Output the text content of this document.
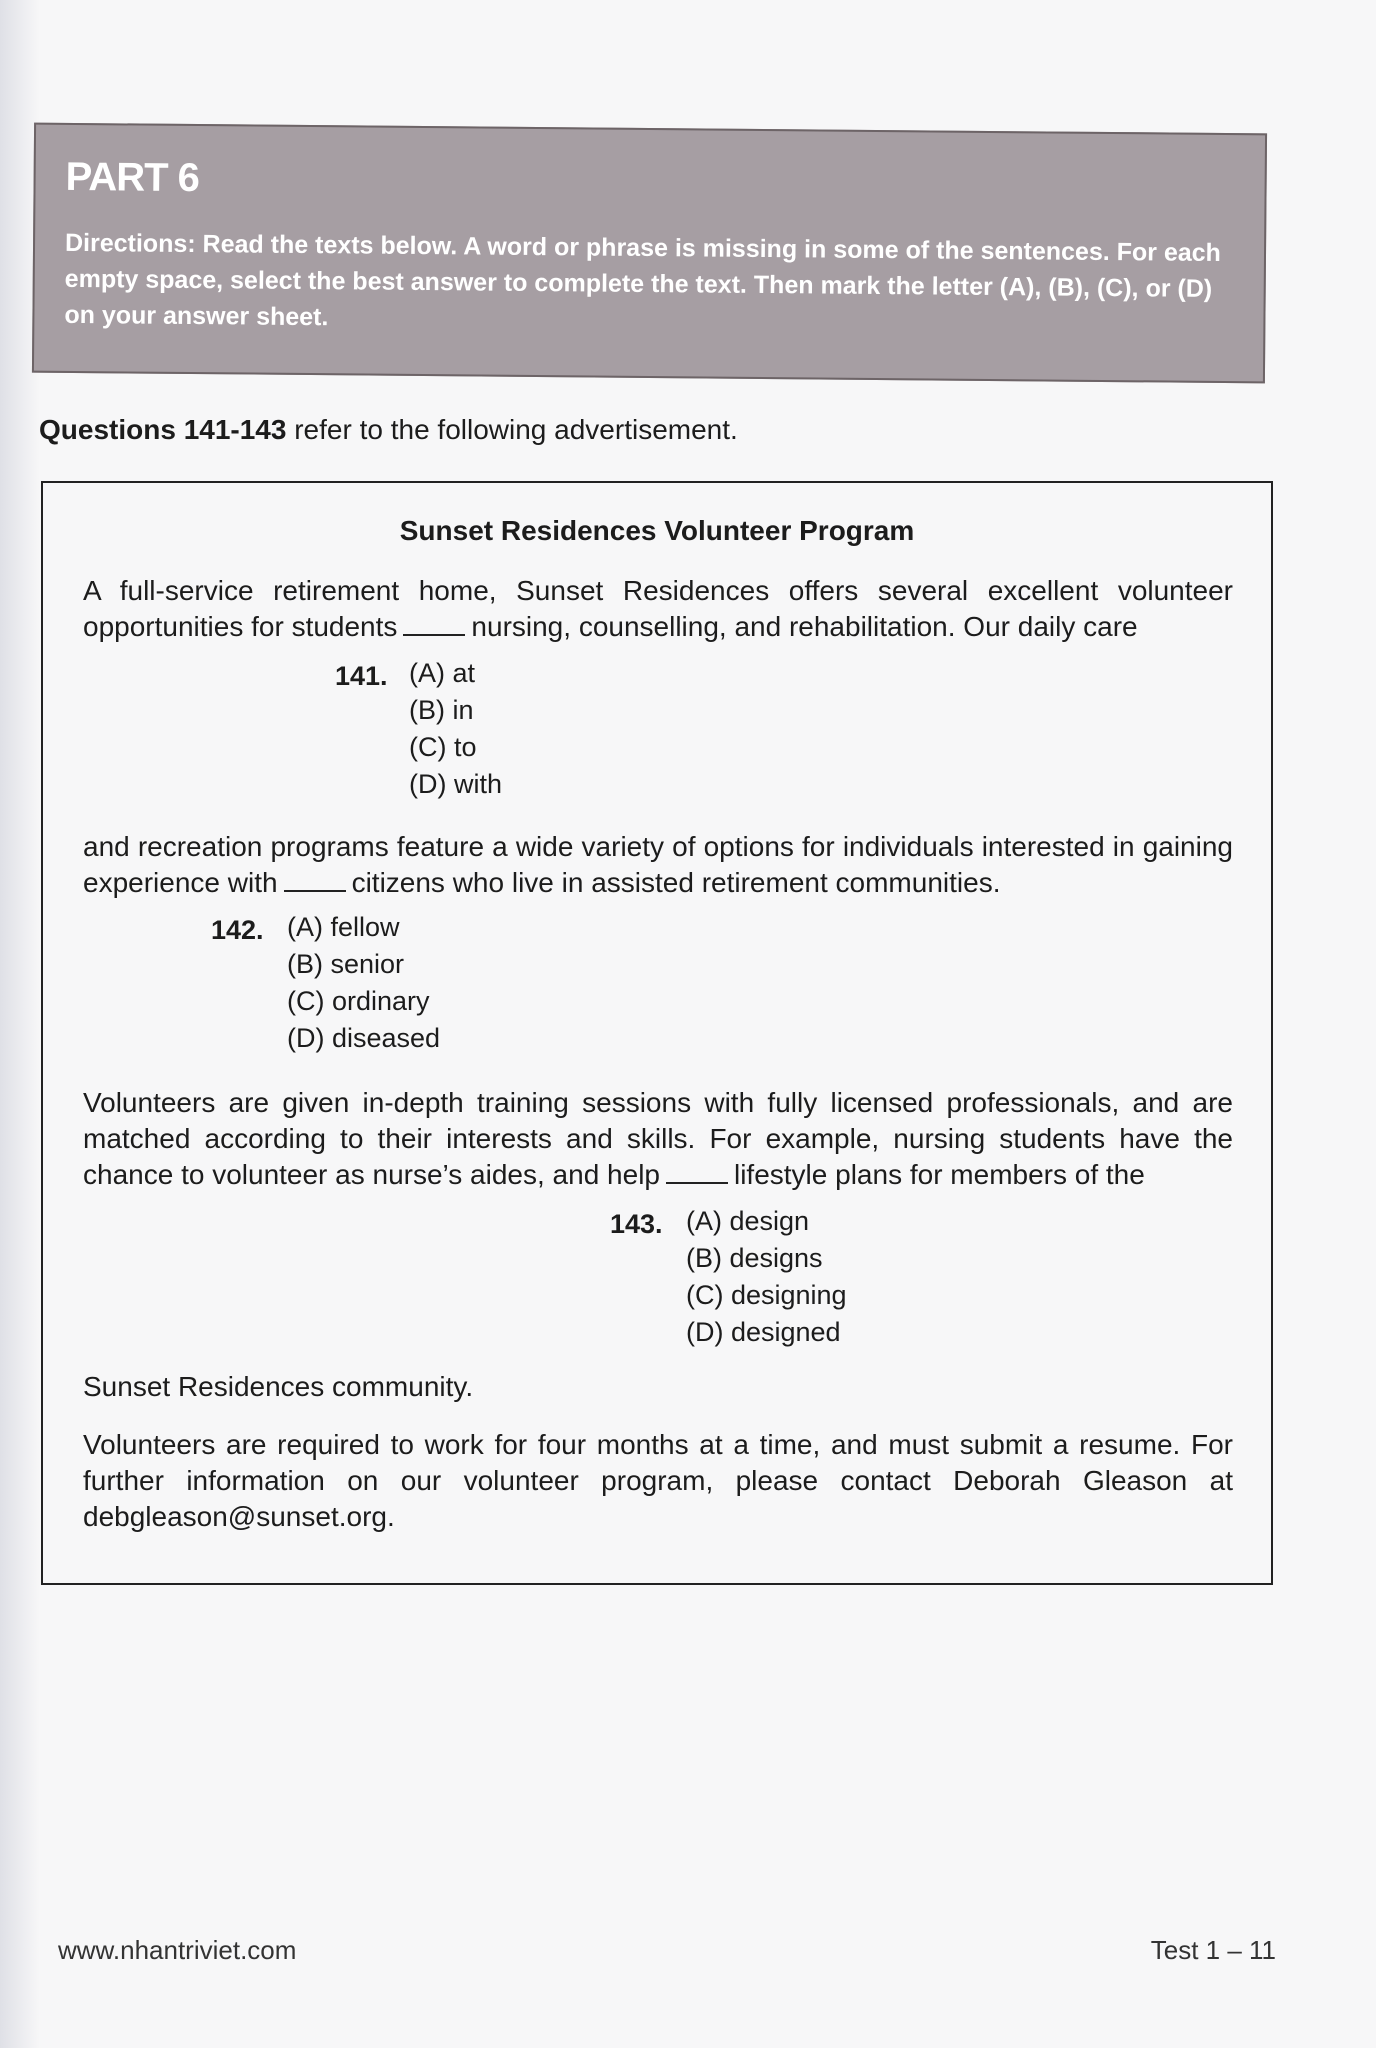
PART 6
Directions: Read the texts below. A word or phrase is missing in some of the sentences. For each empty space, select the best answer to complete the text. Then mark the letter (A), (B), (C), or (D) on your answer sheet.
Questions 141-143 refer to the following advertisement.
Sunset Residences Volunteer Program
A full-service retirement home, Sunset Residences offers several excellent volunteer opportunities for students	nursing, counselling, and rehabilitation. Our daily care
141. (A) at
(B) in
(C) to
(D) with
and recreation programs feature a wide variety of options for individuals interested in gaining experience with	citizens who live in assisted retirement communities.
142. (A) fellow
(B) senior
(C) ordinary
(D) diseased
Volunteers are given in-depth training sessions with fully licensed professionals, and are matched according to their interests and skills. For example, nursing students have the chance to volunteer as nurse’s aides, and help	lifestyle plans for members of the
143. (A) design
(B) designs
(C) designing
(D) designed
Sunset Residences community.
Volunteers are required to work for four months at a time, and must submit a resume. For further information on our volunteer program, please contact Deborah Gleason at debgleason@sunset.org.
www.nhantriviet.com	Test 1 – 11
